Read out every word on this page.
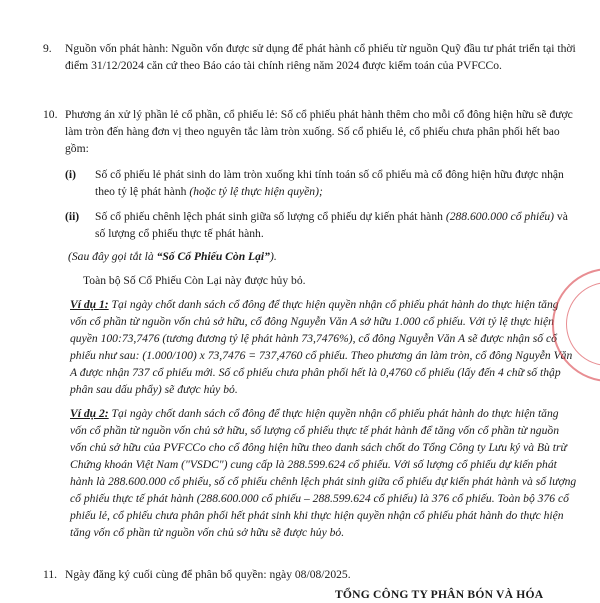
9. Nguồn vốn phát hành: Nguồn vốn được sử dụng để phát hành cổ phiếu từ nguồn Quỹ đầu tư phát triển tại thời điểm 31/12/2024 căn cứ theo Báo cáo tài chính riêng năm 2024 được kiểm toán của PVFCCo.
10. Phương án xử lý phần lẻ cổ phần, cổ phiếu lẻ: Số cổ phiếu phát hành thêm cho mỗi cổ đông hiện hữu sẽ được làm tròn đến hàng đơn vị theo nguyên tắc làm tròn xuống. Số cổ phiếu lẻ, cổ phiếu chưa phân phối hết bao gồm:
(i) Số cổ phiếu lẻ phát sinh do làm tròn xuống khi tính toán số cổ phiếu mà cổ đông hiện hữu được nhận theo tỷ lệ phát hành (hoặc tỷ lệ thực hiện quyền);
(ii) Số cổ phiếu chênh lệch phát sinh giữa số lượng cổ phiếu dự kiến phát hành (288.600.000 cổ phiếu) và số lượng cổ phiếu thực tế phát hành.
(Sau đây gọi tắt là “Số Cổ Phiếu Còn Lại”).
Toàn bộ Số Cổ Phiếu Còn Lại này được hủy bỏ.
Ví dụ 1: Tại ngày chốt danh sách cổ đông để thực hiện quyền nhận cổ phiếu phát hành do thực hiện tăng vốn cổ phần từ nguồn vốn chủ sở hữu, cổ đông Nguyễn Văn A sở hữu 1.000 cổ phiếu. Với tỷ lệ thực hiện quyền 100:73,7476 (tương đương tỷ lệ phát hành 73,7476%), cổ đông Nguyễn Văn A sẽ được nhận số cổ phiếu như sau: (1.000/100) x 73,7476 = 737,4760 cổ phiếu. Theo phương án làm tròn, cổ đông Nguyễn Văn A được nhận 737 cổ phiếu mới. Số cổ phiếu chưa phân phối hết là 0,4760 cổ phiếu (lấy đến 4 chữ số thập phân sau dấu phẩy) sẽ được hủy bỏ.
Ví dụ 2: Tại ngày chốt danh sách cổ đông để thực hiện quyền nhận cổ phiếu phát hành do thực hiện tăng vốn cổ phần từ nguồn vốn chủ sở hữu, số lượng cổ phiếu thực tế phát hành để tăng vốn cổ phần từ nguồn vốn chủ sở hữu của PVFCCo cho cổ đông hiện hữu theo danh sách chốt do Tổng Công ty Lưu ký và Bù trừ Chứng khoán Việt Nam ("VSDC") cung cấp là 288.599.624 cổ phiếu. Với số lượng cổ phiếu dự kiến phát hành là 288.600.000 cổ phiếu, số cổ phiếu chênh lệch phát sinh giữa cổ phiếu dự kiến phát hành và số lượng cổ phiếu thực tế phát hành (288.600.000 cổ phiếu – 288.599.624 cổ phiếu) là 376 cổ phiếu. Toàn bộ 376 cổ phiếu lẻ, cổ phiếu chưa phân phối hết phát sinh khi thực hiện quyền nhận cổ phiếu phát hành do thực hiện tăng vốn cổ phần từ nguồn vốn chủ sở hữu sẽ được hủy bỏ.
11. Ngày đăng ký cuối cùng để phân bổ quyền: ngày 08/08/2025.
TỔNG CÔNG TY PHÂN BÓN VÀ HÓA
